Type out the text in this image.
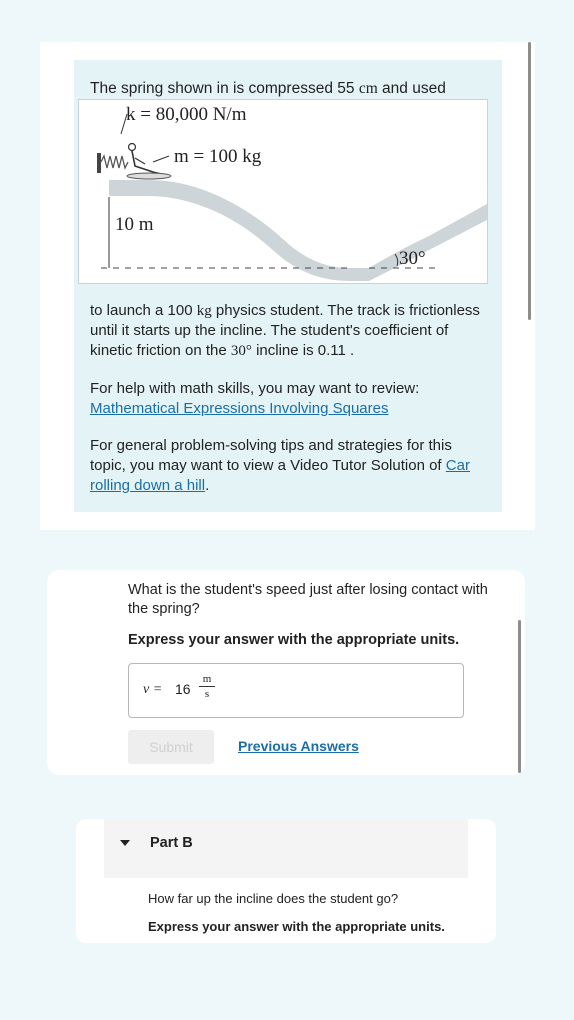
The spring shown in is compressed 55 cm and used
k = 80,000 N/m
m = 100 kg
10 m
30°
to launch a 100 kg physics student. The track is frictionless until it starts up the incline. The student's coefficient of kinetic friction on the 30° incline is 0.11 .
For help with math skills, you may want to review:
Mathematical Expressions Involving Squares
For general problem-solving tips and strategies for this topic, you may want to view a Video Tutor Solution of Car rolling down a hill.
What is the student's speed just after losing contact with the spring?
Express your answer with the appropriate units.
v = 16
m
s
Submit	Previous Answers
Part B
How far up the incline does the student go?
Express your answer with the appropriate units.
